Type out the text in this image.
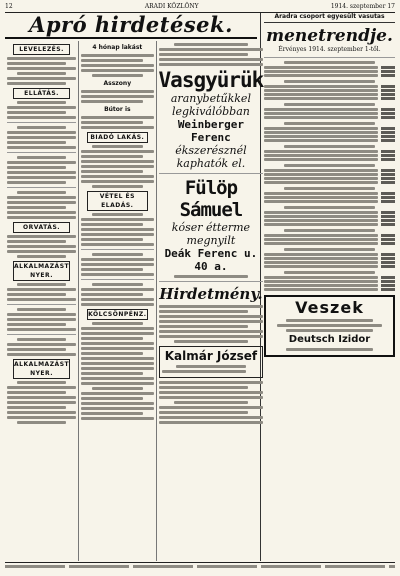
12	ARADI KÖZLÖNY	1914. szeptember 17
Apró hirdetések.
LEVELEZÉS.
ELLÁTÁS.
ORVATÁS.
ALKALMAZÁST NYER.
ALKALMAZÁST NYER.
4 hónap lakást
Asszony
Bútor is
BIADÓ LAKÁS.
VÉTEL ÉS ELADÁS.
KÖLCSÖNPÉNZ.
Vasgyürük
aranybetűkkel
legkiválóbban
Weinberger Ferenc
ékszerésznél
kaphatók el.
Fülöp Sámuel
kóser étterme
megnyilt
Deák Ferenc u. 40 a.
Hirdetmény.
Kalmár József
Aradra csoport egyesült vasutas
menetrendje.
Érvényes 1914. szeptember 1-től.
Veszek
Deutsch Izidor
